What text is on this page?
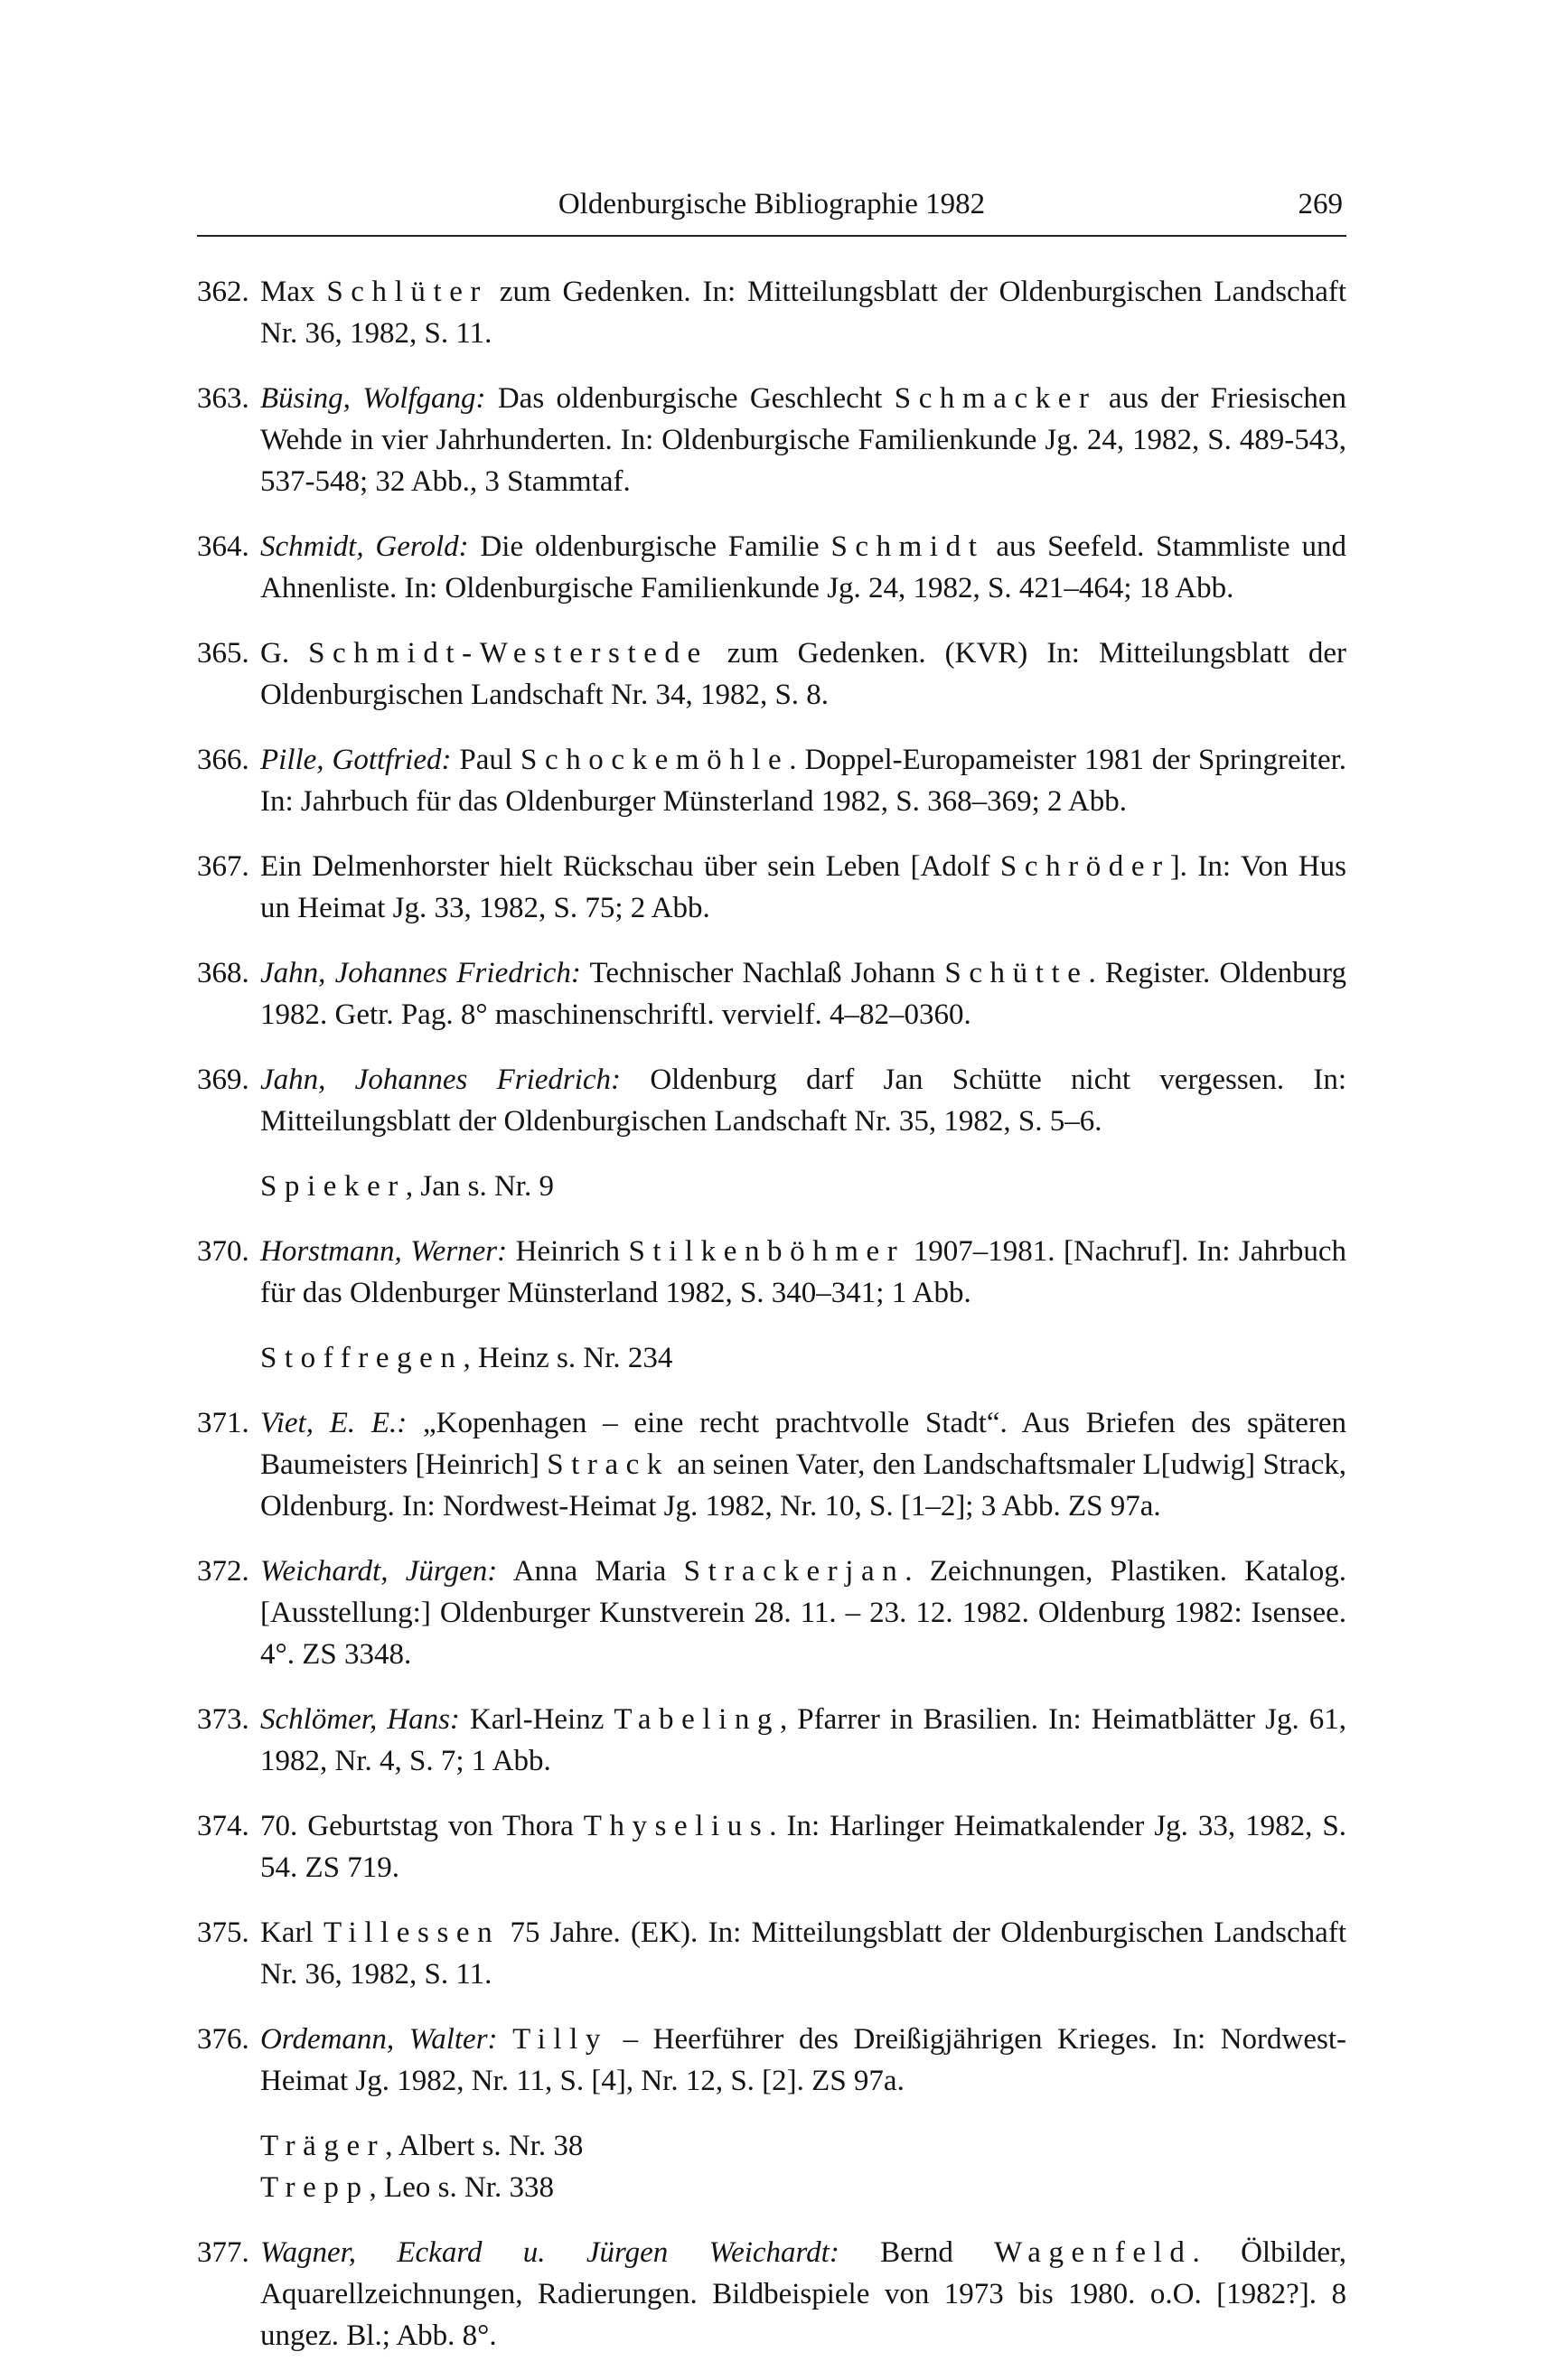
Oldenburgische Bibliographie 1982	269
362. Max Schlüter zum Gedenken. In: Mitteilungsblatt der Oldenburgischen Landschaft Nr. 36, 1982, S. 11.
363. Büsing, Wolfgang: Das oldenburgische Geschlecht Schmacker aus der Friesischen Wehde in vier Jahrhunderten. In: Oldenburgische Familienkunde Jg. 24, 1982, S. 489-543, 537-548; 32 Abb., 3 Stammtaf.
364. Schmidt, Gerold: Die oldenburgische Familie Schmidt aus Seefeld. Stammliste und Ahnenliste. In: Oldenburgische Familienkunde Jg. 24, 1982, S. 421–464; 18 Abb.
365. G. Schmidt-Westerstede zum Gedenken. (KVR) In: Mitteilungsblatt der Oldenburgischen Landschaft Nr. 34, 1982, S. 8.
366. Pille, Gottfried: Paul Schockemöhle. Doppel-Europameister 1981 der Springreiter. In: Jahrbuch für das Oldenburger Münsterland 1982, S. 368–369; 2 Abb.
367. Ein Delmenhorster hielt Rückschau über sein Leben [Adolf Schröder]. In: Von Hus un Heimat Jg. 33, 1982, S. 75; 2 Abb.
368. Jahn, Johannes Friedrich: Technischer Nachlaß Johann Schütte. Register. Oldenburg 1982. Getr. Pag. 8° maschinenschriftl. vervielf. 4–82–0360.
369. Jahn, Johannes Friedrich: Oldenburg darf Jan Schütte nicht vergessen. In: Mitteilungsblatt der Oldenburgischen Landschaft Nr. 35, 1982, S. 5–6.
Spieker, Jan s. Nr. 9
370. Horstmann, Werner: Heinrich Stilkenböhmer 1907–1981. [Nachruf]. In: Jahrbuch für das Oldenburger Münsterland 1982, S. 340–341; 1 Abb.
Stoffregen, Heinz s. Nr. 234
371. Viet, E. E.: „Kopenhagen – eine recht prachtvolle Stadt“. Aus Briefen des späteren Baumeisters [Heinrich] Strack an seinen Vater, den Landschaftsmaler L[udwig] Strack, Oldenburg. In: Nordwest-Heimat Jg. 1982, Nr. 10, S. [1–2]; 3 Abb. ZS 97a.
372. Weichardt, Jürgen: Anna Maria Strackerjan. Zeichnungen, Plastiken. Katalog. [Ausstellung:] Oldenburger Kunstverein 28. 11. – 23. 12. 1982. Oldenburg 1982: Isensee. 4°. ZS 3348.
373. Schlömer, Hans: Karl-Heinz Tabeling, Pfarrer in Brasilien. In: Heimatblätter Jg. 61, 1982, Nr. 4, S. 7; 1 Abb.
374. 70. Geburtstag von Thora Thyselius. In: Harlinger Heimatkalender Jg. 33, 1982, S. 54. ZS 719.
375. Karl Tillessen 75 Jahre. (EK). In: Mitteilungsblatt der Oldenburgischen Landschaft Nr. 36, 1982, S. 11.
376. Ordemann, Walter: Tilly – Heerführer des Dreißigjährigen Krieges. In: Nordwest-Heimat Jg. 1982, Nr. 11, S. [4], Nr. 12, S. [2]. ZS 97a.
Träger, Albert s. Nr. 38
Trepp, Leo s. Nr. 338
377. Wagner, Eckard u. Jürgen Weichardt: Bernd Wagenfeld. Ölbilder, Aquarellzeichnungen, Radierungen. Bildbeispiele von 1973 bis 1980. o.O. [1982?]. 8 ungez. Bl.; Abb. 8°.
